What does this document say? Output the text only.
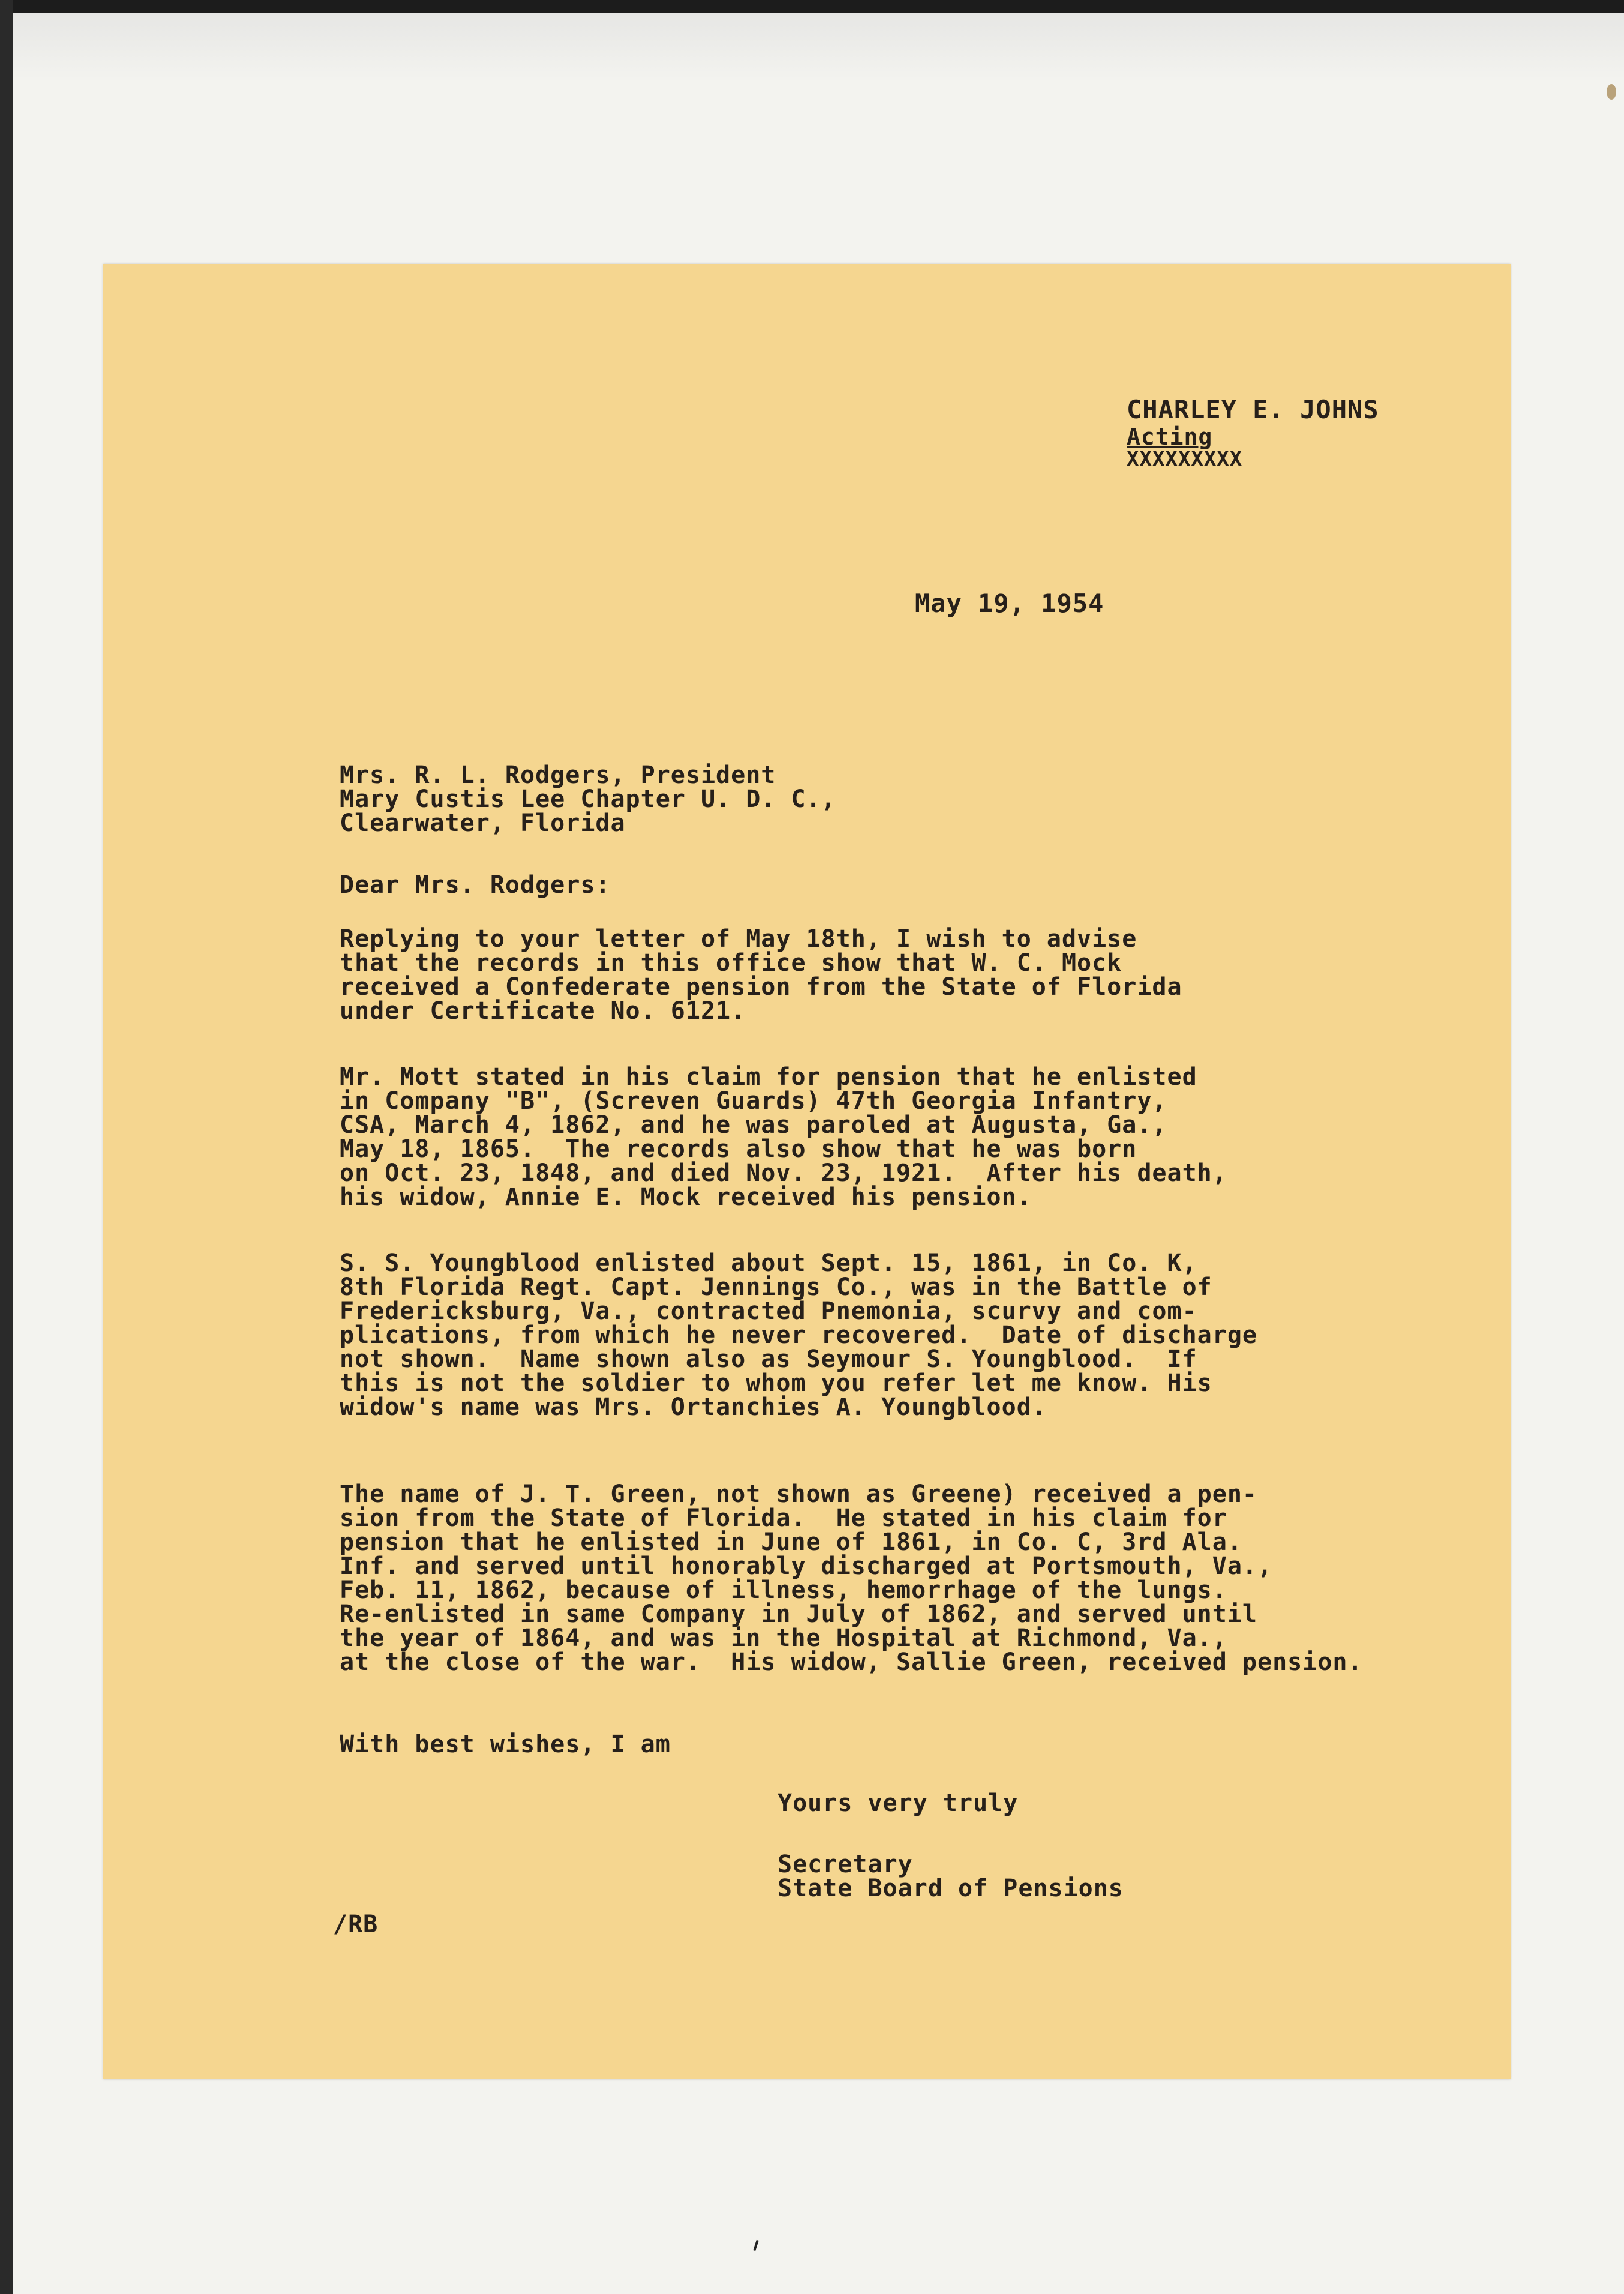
CHARLEY E. JOHNS
Acting
XXXXXXXXX
May 19, 1954
Mrs. R. L. Rodgers, President
Mary Custis Lee Chapter U. D. C.,
Clearwater, Florida
Dear Mrs. Rodgers:

Replying to your letter of May 18th, I wish to advise

that the records in this office show that W. C. Mock

received a Confederate pension from the State of Florida

under Certificate No. 6121.

Mr. Mott stated in his claim for pension that he enlisted

in Company "B", (Screven Guards) 47th Georgia Infantry,

CSA, March 4, 1862, and he was paroled at Augusta, Ga.,

May 18, 1865.  The records also show that he was born

on Oct. 23, 1848, and died Nov. 23, 1921.  After his death,

his widow, Annie E. Mock received his pension.

S. S. Youngblood enlisted about Sept. 15, 1861, in Co. K,

8th Florida Regt. Capt. Jennings Co., was in the Battle of

Fredericksburg, Va., contracted Pnemonia, scurvy and com-

plications, from which he never recovered.  Date of discharge

not shown.  Name shown also as Seymour S. Youngblood.  If

this is not the soldier to whom you refer let me know. His

widow's name was Mrs. Ortanchies A. Youngblood.

The name of J. T. Green, not shown as Greene) received a pen-

sion from the State of Florida.  He stated in his claim for

pension that he enlisted in June of 1861, in Co. C, 3rd Ala.

Inf. and served until honorably discharged at Portsmouth, Va.,

Feb. 11, 1862, because of illness, hemorrhage of the lungs.

Re-enlisted in same Company in July of 1862, and served until

the year of 1864, and was in the Hospital at Richmond, Va.,

at the close of the war.  His widow, Sallie Green, received pension.

With best wishes, I am
Yours very truly
Secretary
State Board of Pensions
/RB
